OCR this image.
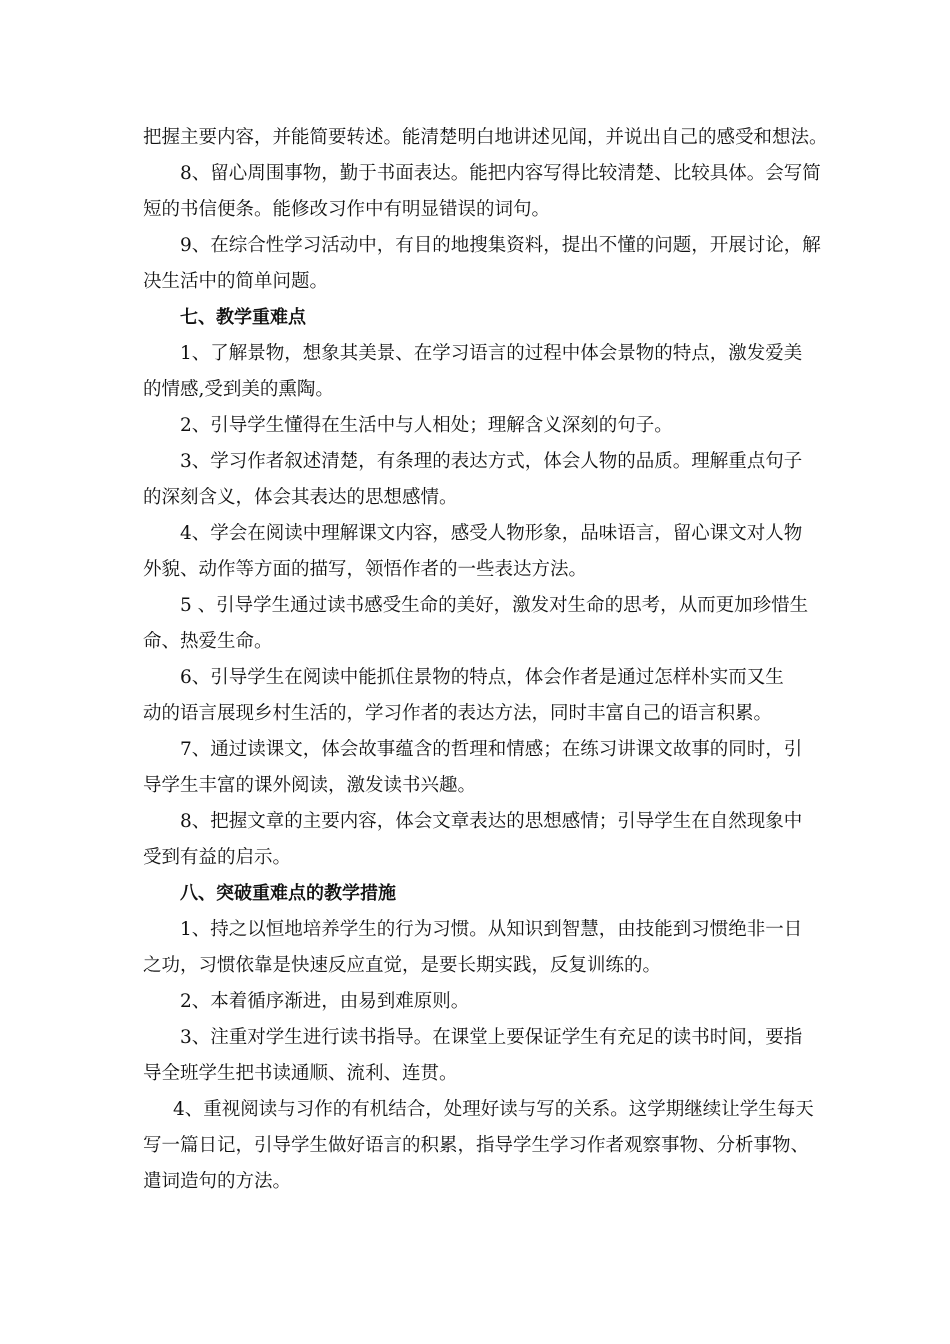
把握主要内容，并能简要转述。能清楚明白地讲述见闻，并说出自己的感受和想法。
8、留心周围事物，勤于书面表达。能把内容写得比较清楚、比较具体。会写简
短的书信便条。能修改习作中有明显错误的词句。
9、在综合性学习活动中，有目的地搜集资料，提出不懂的问题，开展讨论，解
决生活中的简单问题。
七、教学重难点
1、了解景物，想象其美景、在学习语言的过程中体会景物的特点，激发爱美
的情感,受到美的熏陶。
2、引导学生懂得在生活中与人相处；理解含义深刻的句子。
3、学习作者叙述清楚，有条理的表达方式，体会人物的品质。理解重点句子
的深刻含义，体会其表达的思想感情。
4、学会在阅读中理解课文内容，感受人物形象，品味语言，留心课文对人物
外貌、动作等方面的描写，领悟作者的一些表达方法。
5 、引导学生通过读书感受生命的美好，激发对生命的思考，从而更加珍惜生
命、热爱生命。
6、引导学生在阅读中能抓住景物的特点，体会作者是通过怎样朴实而又生
动的语言展现乡村生活的，学习作者的表达方法，同时丰富自己的语言积累。
7、通过读课文，体会故事蕴含的哲理和情感；在练习讲课文故事的同时，引
导学生丰富的课外阅读，激发读书兴趣。
8、把握文章的主要内容，体会文章表达的思想感情；引导学生在自然现象中
受到有益的启示。
八、突破重难点的教学措施
1、持之以恒地培养学生的行为习惯。从知识到智慧，由技能到习惯绝非一日
之功，习惯依靠是快速反应直觉，是要长期实践，反复训练的。
2、本着循序渐进，由易到难原则。
3、注重对学生进行读书指导。在课堂上要保证学生有充足的读书时间，要指
导全班学生把书读通顺、流利、连贯。
4、重视阅读与习作的有机结合，处理好读与写的关系。这学期继续让学生每天
写一篇日记，引导学生做好语言的积累，指导学生学习作者观察事物、分析事物、
遣词造句的方法。
